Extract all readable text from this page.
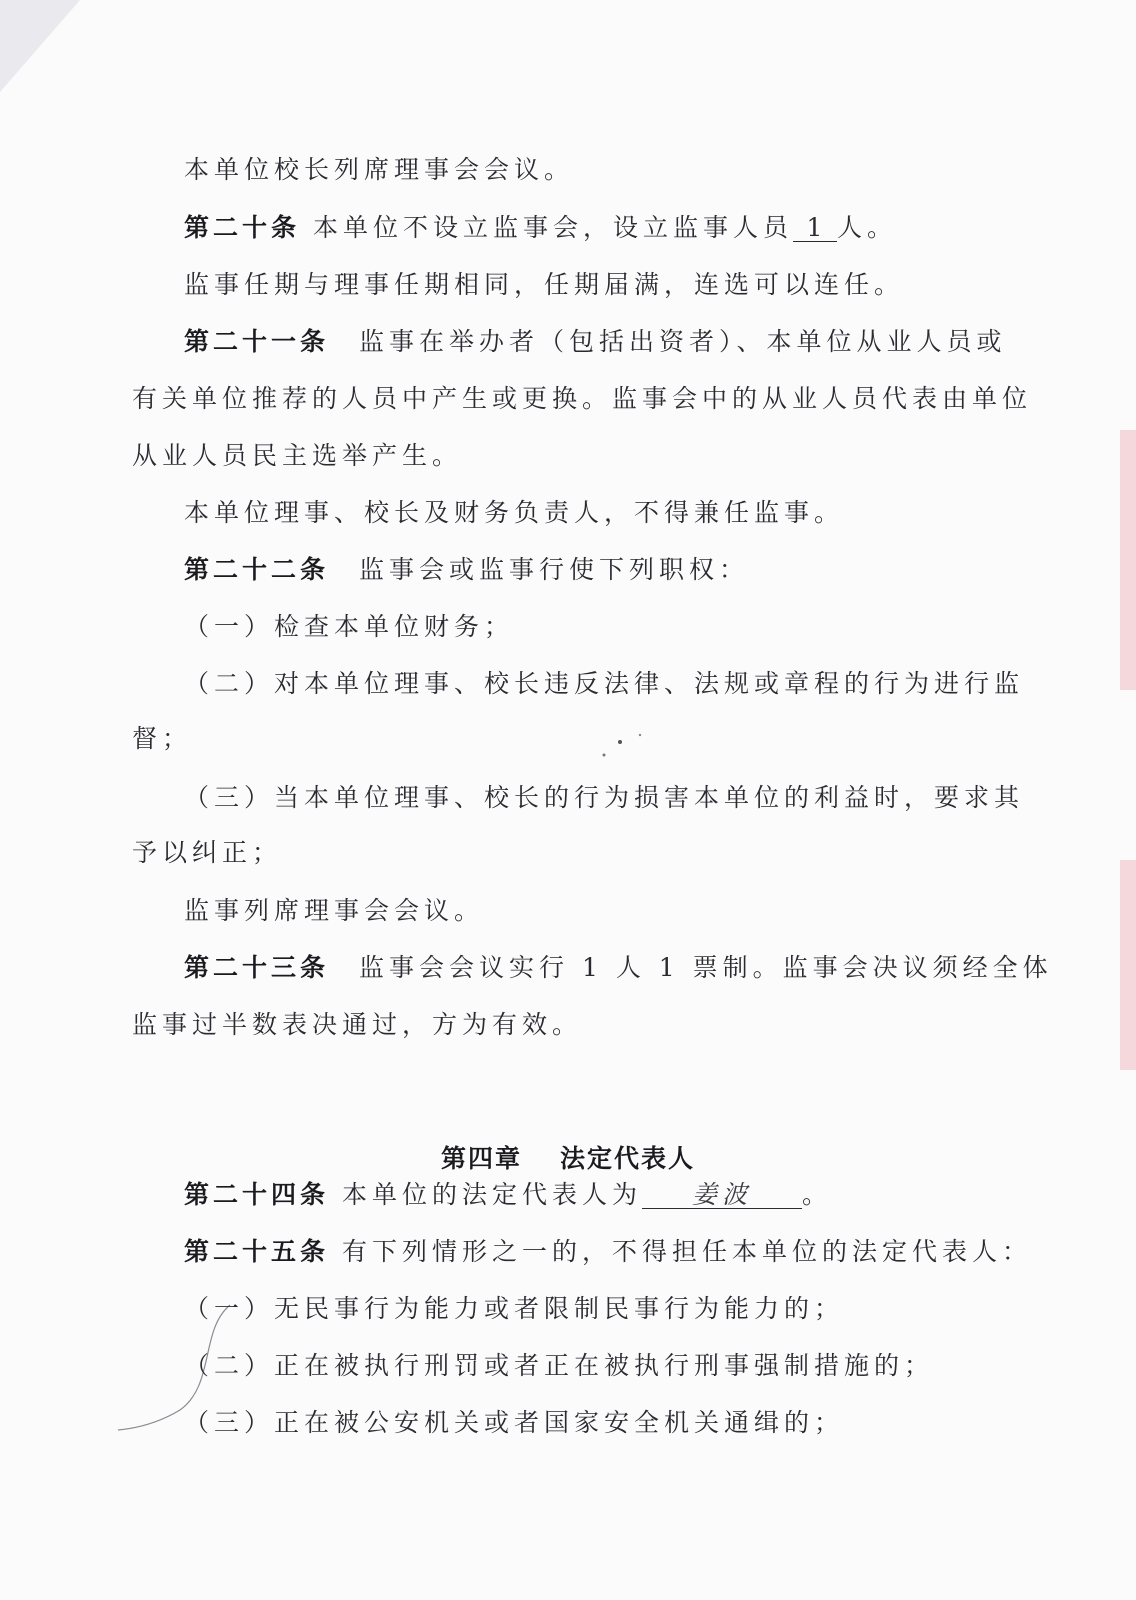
本单位校长列席理事会会议。
第二十条 本单位不设立监事会，设立监事人员 1 人。
监事任期与理事任期相同，任期届满，连选可以连任。
第二十一条 监事在举办者（包括出资者）、本单位从业人员或
有关单位推荐的人员中产生或更换。监事会中的从业人员代表由单位
从业人员民主选举产生。
本单位理事、校长及财务负责人，不得兼任监事。
第二十二条 监事会或监事行使下列职权：
（一）检查本单位财务；
（二）对本单位理事、校长违反法律、法规或章程的行为进行监
督；
（三）当本单位理事、校长的行为损害本单位的利益时，要求其
予以纠正；
监事列席理事会会议。
第二十三条 监事会会议实行 1 人 1 票制。监事会决议须经全体
监事过半数表决通过，方为有效。
第四章 法定代表人
第二十四条 本单位的法定代表人为 姜波 。
第二十五条 有下列情形之一的，不得担任本单位的法定代表人：
（一）无民事行为能力或者限制民事行为能力的；
（二）正在被执行刑罚或者正在被执行刑事强制措施的；
（三）正在被公安机关或者国家安全机关通缉的；
